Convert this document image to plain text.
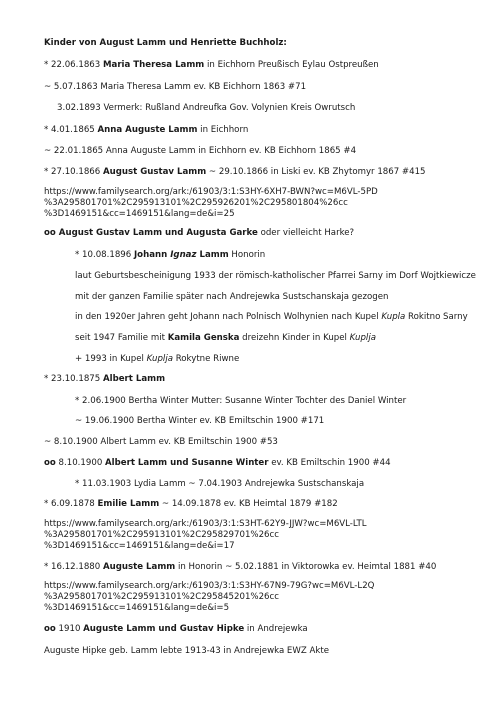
Kinder von August Lamm und Henriette Buchholz:
* 22.06.1863 Maria Theresa Lamm in Eichhorn Preußisch Eylau Ostpreußen
~ 5.07.1863 Maria Theresa Lamm ev. KB Eichhorn 1863 #71
3.02.1893 Vermerk: Rußland Andreufka Gov. Volynien Kreis Owrutsch
* 4.01.1865 Anna Auguste Lamm in Eichhorn
~ 22.01.1865 Anna Auguste Lamm in Eichhorn ev. KB Eichhorn 1865 #4
* 27.10.1866 August Gustav Lamm ~ 29.10.1866 in Liski ev. KB Zhytomyr 1867 #415
https://www.familysearch.org/ark:/61903/3:1:S3HY-6XH7-BWN?wc=M6VL-5PD
%3A295801701%2C295913101%2C295926201%2C295801804%26cc
%3D1469151&cc=1469151&lang=de&i=25
oo August Gustav Lamm und Augusta Garke oder vielleicht Harke?
* 10.08.1896 Johann Ignaz Lamm Honorin
laut Geburtsbescheinigung 1933 der römisch-katholischer Pfarrei Sarny im Dorf Wojtkiewicze
mit der ganzen Familie später nach Andrejewka Sustschanskaja gezogen
in den 1920er Jahren geht Johann nach Polnisch Wolhynien nach Kupel Kupla Rokitno Sarny
seit 1947 Familie mit Kamila Genska dreizehn Kinder in Kupel Kuplja
+ 1993 in Kupel Kuplja Rokytne Riwne
* 23.10.1875 Albert Lamm
* 2.06.1900 Bertha Winter Mutter: Susanne Winter Tochter des Daniel Winter
~ 19.06.1900 Bertha Winter ev. KB Emiltschin 1900 #171
~ 8.10.1900 Albert Lamm ev. KB Emiltschin 1900 #53
oo 8.10.1900 Albert Lamm und Susanne Winter ev. KB Emiltschin 1900 #44
* 11.03.1903 Lydia Lamm ~ 7.04.1903 Andrejewka Sustschanskaja
* 6.09.1878 Emilie Lamm ~ 14.09.1878 ev. KB Heimtal 1879 #182
https://www.familysearch.org/ark:/61903/3:1:S3HT-62Y9-JJW?wc=M6VL-LTL
%3A295801701%2C295913101%2C295829701%26cc
%3D1469151&cc=1469151&lang=de&i=17
* 16.12.1880 Auguste Lamm in Honorin ~ 5.02.1881 in Viktorowka ev. Heimtal 1881 #40
https://www.familysearch.org/ark:/61903/3:1:S3HY-67N9-79G?wc=M6VL-L2Q
%3A295801701%2C295913101%2C295845201%26cc
%3D1469151&cc=1469151&lang=de&i=5
oo 1910 Auguste Lamm und Gustav Hipke in Andrejewka
Auguste Hipke geb. Lamm lebte 1913-43 in Andrejewka EWZ Akte
